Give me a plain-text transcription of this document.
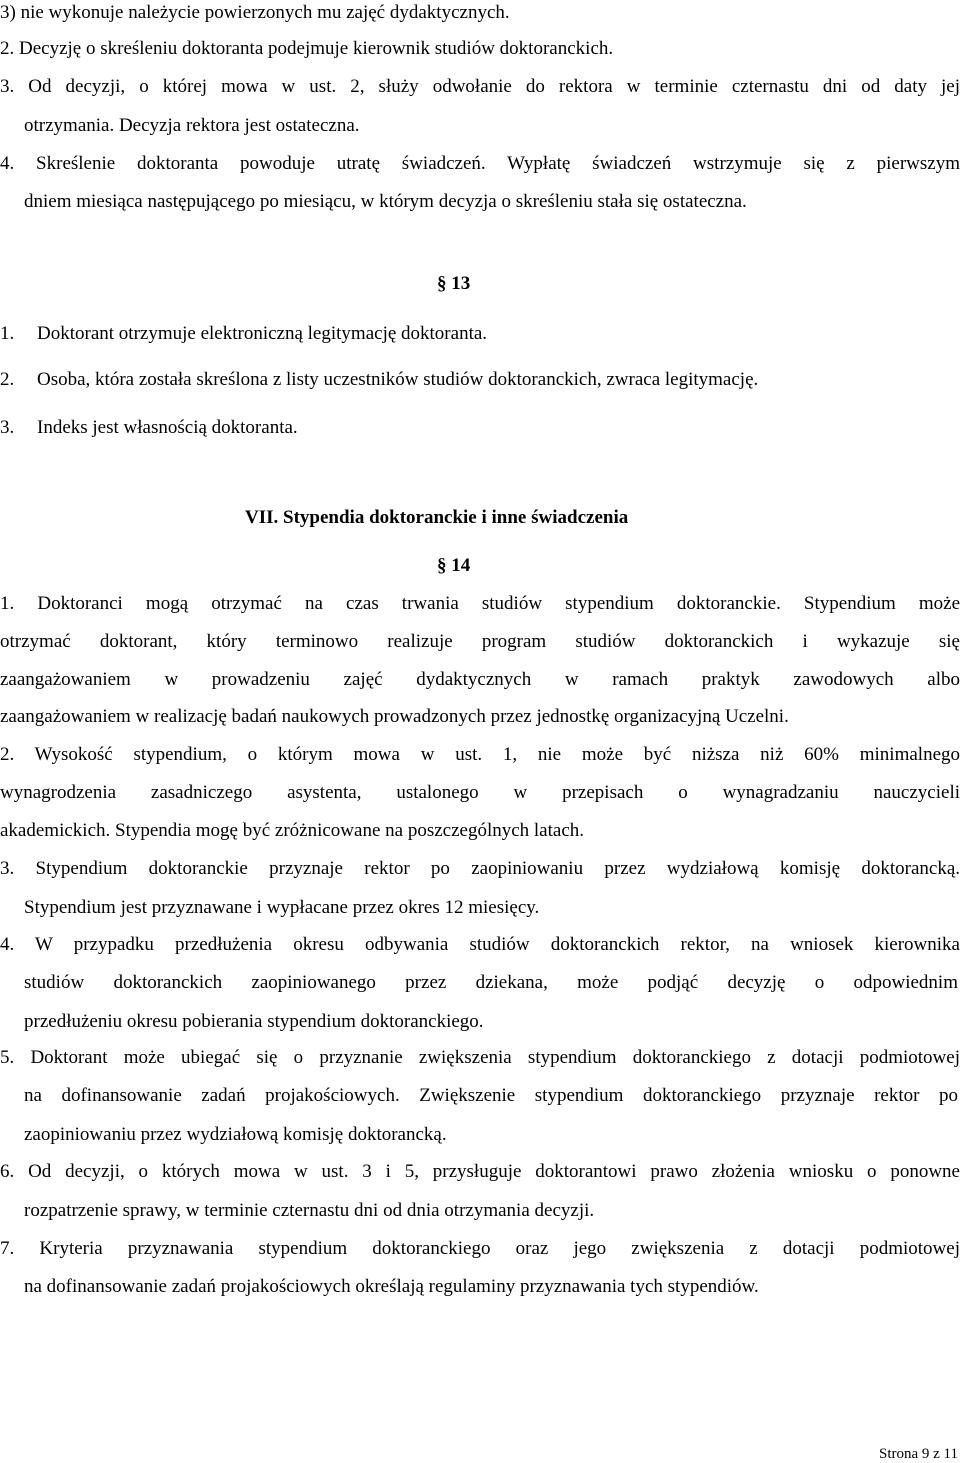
3) nie wykonuje należycie powierzonych mu zajęć dydaktycznych.
2. Decyzję o skreśleniu doktoranta podejmuje kierownik studiów doktoranckich.
3. Od decyzji, o której mowa w ust. 2, służy odwołanie do rektora w terminie czternastu dni od daty jej
otrzymania. Decyzja rektora jest ostateczna.
4. Skreślenie doktoranta powoduje utratę świadczeń. Wypłatę świadczeń wstrzymuje się z pierwszym
dniem miesiąca następującego po miesiącu, w którym decyzja o skreśleniu stała się ostateczna.
§ 13
1. Doktorant otrzymuje elektroniczną legitymację doktoranta.
2. Osoba, która została skreślona z listy uczestników studiów doktoranckich, zwraca legitymację.
3. Indeks jest własnością doktoranta.
VII. Stypendia doktoranckie i inne świadczenia
§ 14
1. Doktoranci mogą otrzymać na czas trwania studiów stypendium doktoranckie. Stypendium może
otrzymać doktorant, który terminowo realizuje program studiów doktoranckich i wykazuje się
zaangażowaniem w prowadzeniu zajęć dydaktycznych w ramach praktyk zawodowych albo
zaangażowaniem w realizację badań naukowych prowadzonych przez jednostkę organizacyjną Uczelni.
2. Wysokość stypendium, o którym mowa w ust. 1, nie może być niższa niż 60% minimalnego
wynagrodzenia zasadniczego asystenta, ustalonego w przepisach o wynagradzaniu nauczycieli
akademickich. Stypendia mogę być zróżnicowane na poszczególnych latach.
3. Stypendium doktoranckie przyznaje rektor po zaopiniowaniu przez wydziałową komisję doktorancką.
Stypendium jest przyznawane i wypłacane przez okres 12 miesięcy.
4. W przypadku przedłużenia okresu odbywania studiów doktoranckich rektor, na wniosek kierownika
studiów doktoranckich zaopiniowanego przez dziekana, może podjąć decyzję o odpowiednim
przedłużeniu okresu pobierania stypendium doktoranckiego.
5. Doktorant może ubiegać się o przyznanie zwiększenia stypendium doktoranckiego z dotacji podmiotowej
na dofinansowanie zadań projakościowych. Zwiększenie stypendium doktoranckiego przyznaje rektor po
zaopiniowaniu przez wydziałową komisję doktorancką.
6. Od decyzji, o których mowa w ust. 3 i 5, przysługuje doktorantowi prawo złożenia wniosku o ponowne
rozpatrzenie sprawy, w terminie czternastu dni od dnia otrzymania decyzji.
7. Kryteria przyznawania stypendium doktoranckiego oraz jego zwiększenia z dotacji podmiotowej
na dofinansowanie zadań projakościowych określają regulaminy przyznawania tych stypendiów.
Strona 9 z 11
